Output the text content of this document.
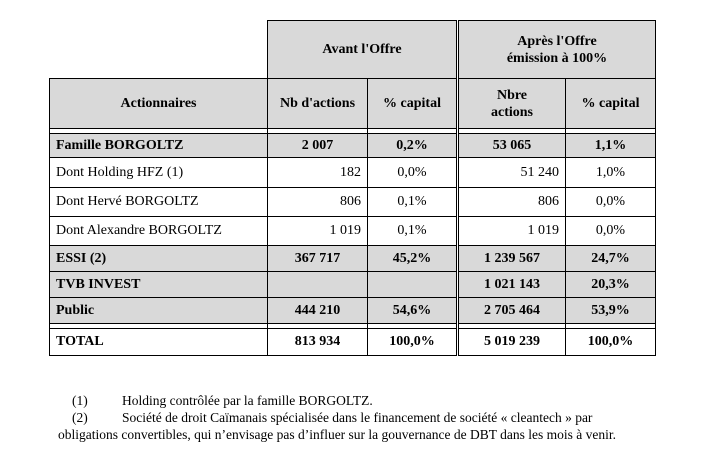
	Avant l'Offre		Après l'Offre
émission à 100%	
Actionnaires	Nb d'actions	% capital	Nbre
actions	% capital

Famille BORGOLTZ	2 007	0,2%	53 065	1,1%
Dont Holding HFZ (1)	182	0,0%	51 240	1,0%
Dont Hervé BORGOLTZ	806	0,1%	806	0,0%
Dont Alexandre BORGOLTZ	1 019	0,1%	1 019	0,0%
ESSI (2)	367 717	45,2%	1 239 567	24,7%
TVB INVEST			1 021 143	20,3%
Public	444 210	54,6%	2 705 464	53,9%

TOTAL	813 934	100,0%	5 019 239	100,0%
(1)	Holding contrôlée par la famille BORGOLTZ.
(2)	Société de droit Caïmanais spécialisée dans le financement de société « cleantech » par
obligations convertibles, qui n’envisage pas d’influer sur la gouvernance de DBT dans les mois à venir.
